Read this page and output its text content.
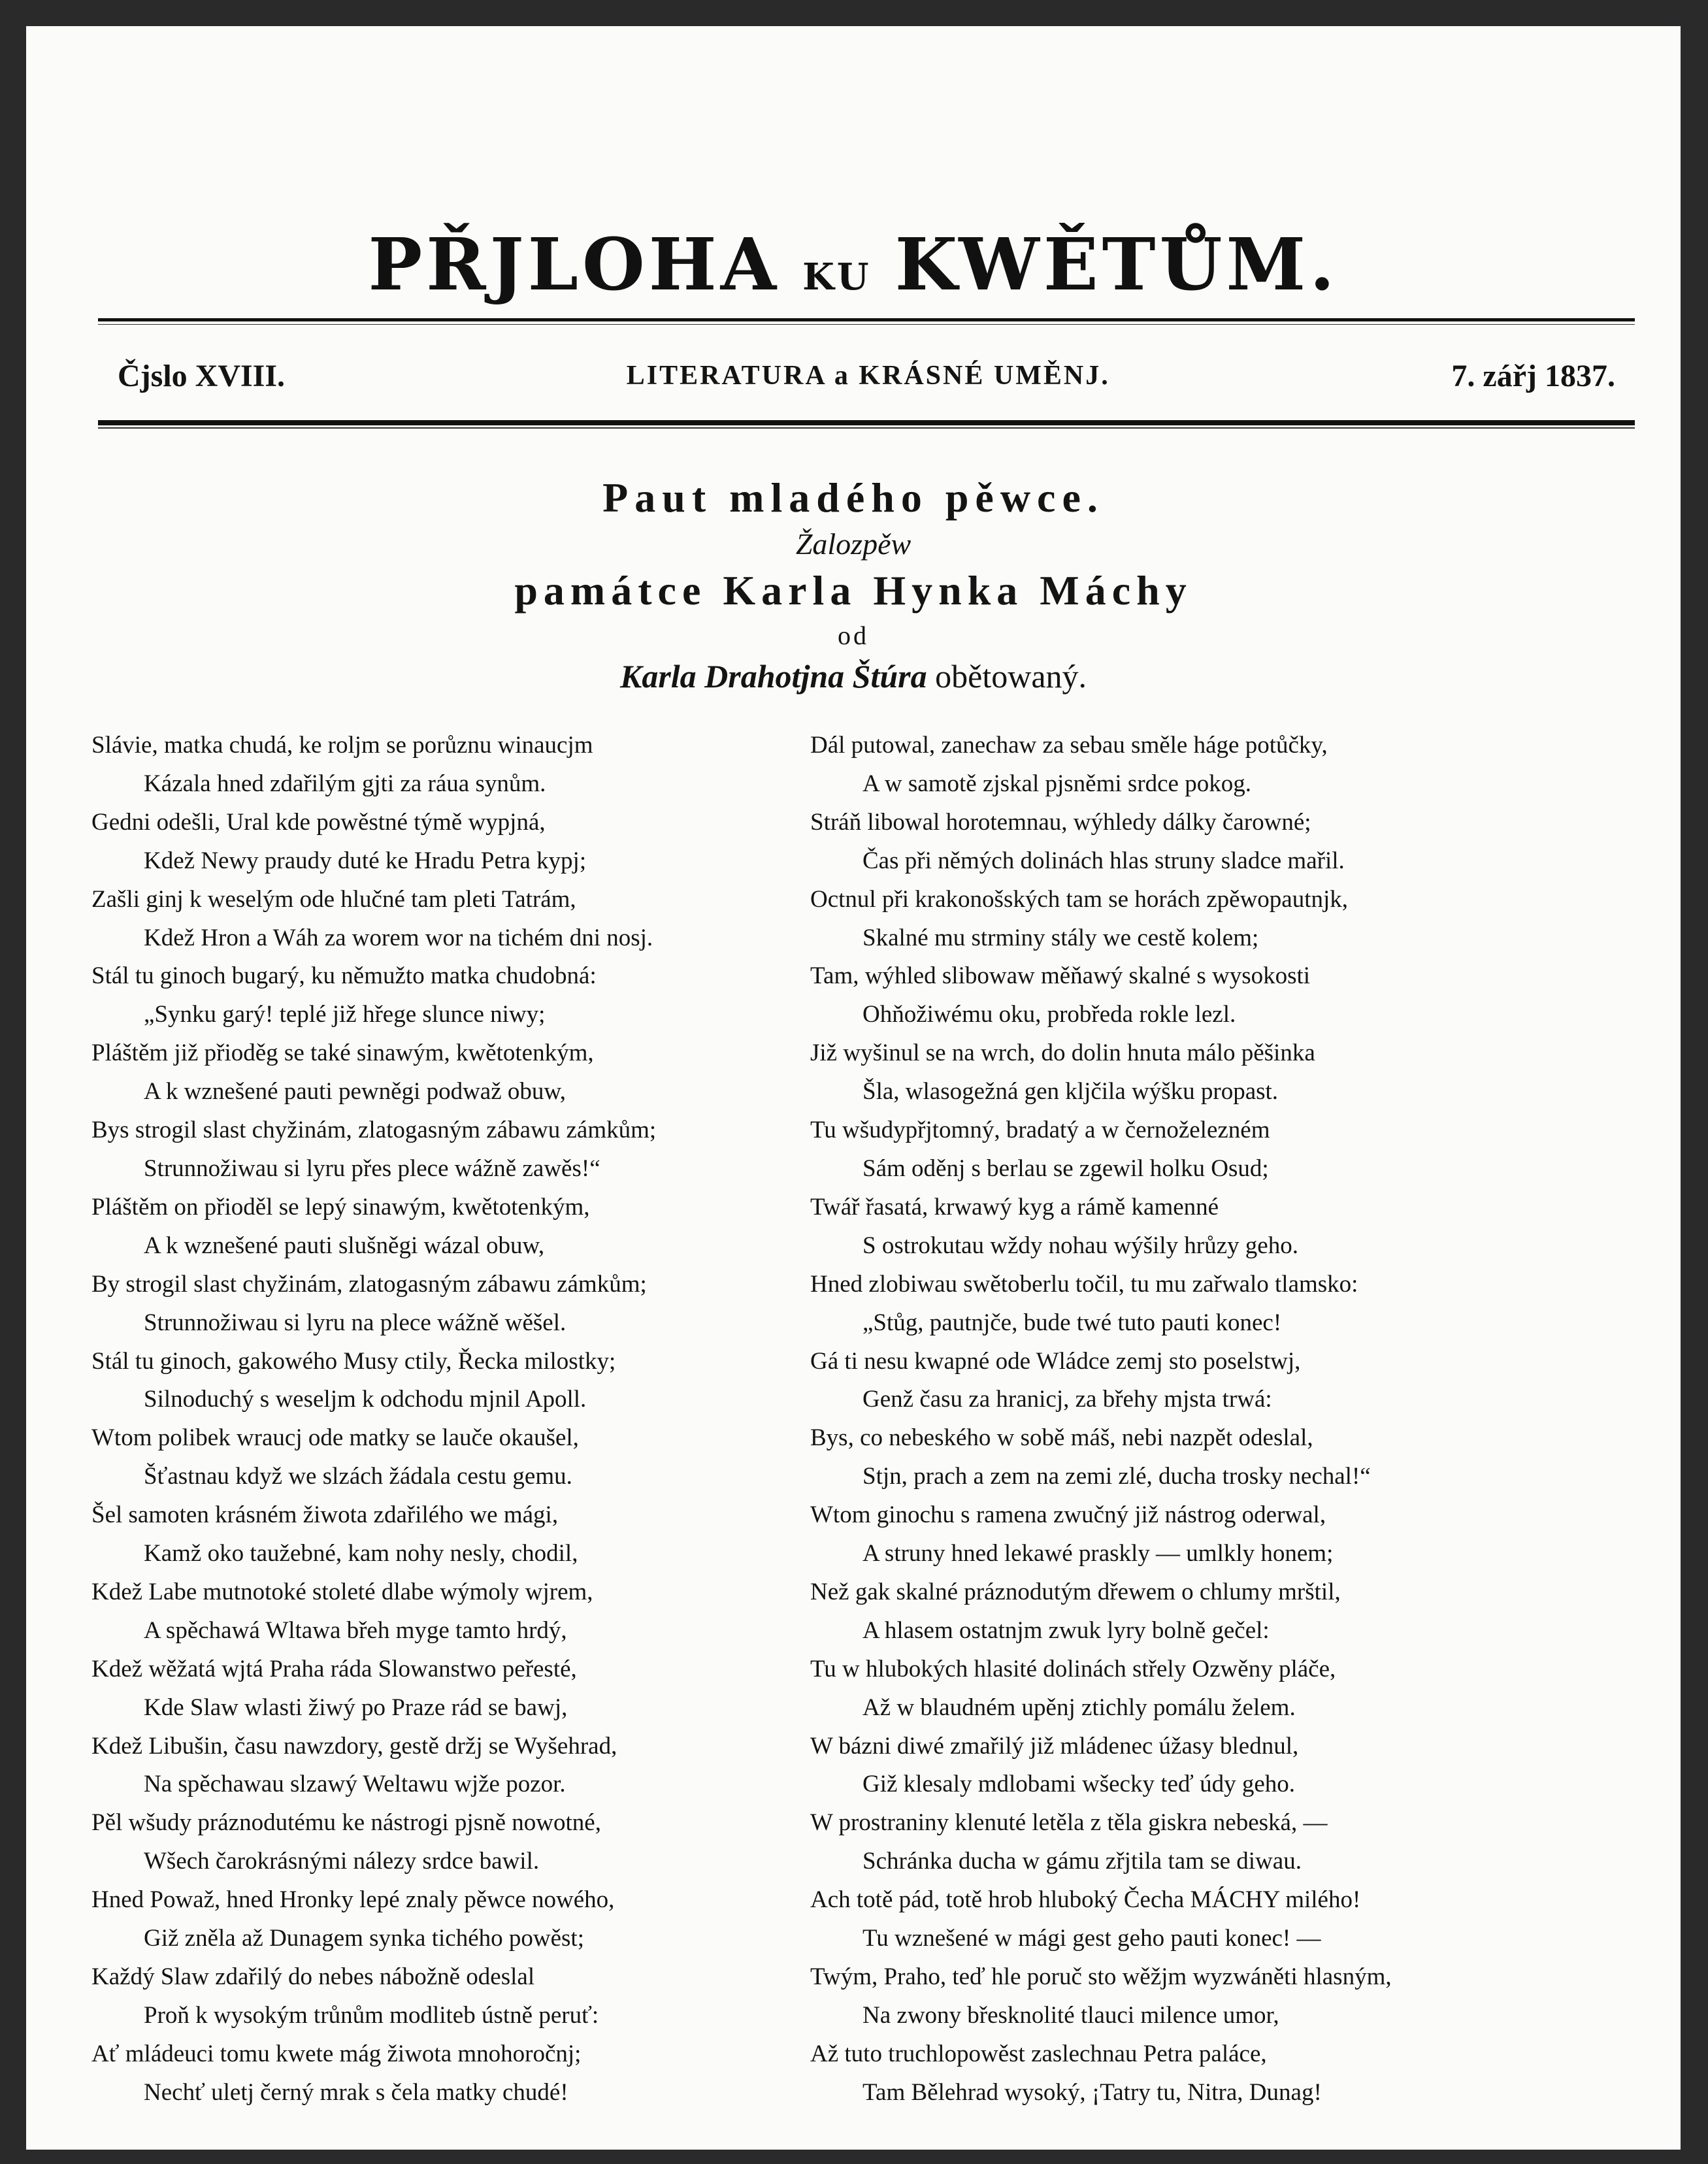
PŘJLOHA KU KWĚTŮM.
Čjslo XVIII.	LITERATURA a KRÁSNÉ UMĚNJ.	7. zářj 1837.
Paut mladého pěwce.
Žalozpěw
památce Karla Hynka Máchy
od
Karla Drahotjna Štúra obětowaný.
Slávie, matka chudá, ke roljm se porůznu winaucjm
Kázala hned zdařilým gjti za ráua synům.
Gedni odešli, Ural kde powěstné týmě wypjná,
Kdež Newy praudy duté ke Hradu Petra kypj;
Zašli ginj k weselým ode hlučné tam pleti Tatrám,
Kdež Hron a Wáh za worem wor na tichém dni nosj.
Stál tu ginoch bugarý, ku němužto matka chudobná:
„Synku garý! teplé již hřege slunce niwy;
Pláštěm již přioděg se také sinawým, kwětotenkým,
A k wznešené pauti pewněgi podwaž obuw,
Bys strogil slast chyžinám, zlatogasným zábawu zámkům;
Strunnožiwau si lyru přes plece wážně zawěs!“
Pláštěm on přioděl se lepý sinawým, kwětotenkým,
A k wznešené pauti slušněgi wázal obuw,
By strogil slast chyžinám, zlatogasným zábawu zámkům;
Strunnožiwau si lyru na plece wážně wěšel.
Stál tu ginoch, gakowého Musy ctily, Řecka milostky;
Silnoduchý s weseljm k odchodu mjnil Apoll.
Wtom polibek wraucj ode matky se lauče okaušel,
Šťastnau když we slzách žádala cestu gemu.
Šel samoten krásném žiwota zdařilého we mági,
Kamž oko taužebné, kam nohy nesly, chodil,
Kdež Labe mutnotoké stoleté dlabe wýmoly wjrem,
A spěchawá Wltawa břeh myge tamto hrdý,
Kdež wěžatá wjtá Praha ráda Slowanstwo peřesté,
Kde Slaw wlasti žiwý po Praze rád se bawj,
Kdež Libušin, času nawzdory, gestě držj se Wyšehrad,
Na spěchawau slzawý Weltawu wjže pozor.
Pěl wšudy práznodutému ke nástrogi pjsně nowotné,
Wšech čarokrásnými nálezy srdce bawil.
Hned Powaž, hned Hronky lepé znaly pěwce nowého,
Giž zněla až Dunagem synka tichého powěst;
Každý Slaw zdařilý do nebes nábožně odeslal
Proň k wysokým trůnům modliteb ústně peruť:
Ať mládeuci tomu kwete mág žiwota mnohoročnj;
Nechť uletj černý mrak s čela matky chudé!
Dál putowal, zanechaw za sebau směle háge potůčky,
A w samotě zjskal pjsněmi srdce pokog.
Stráň libowal horotemnau, wýhledy dálky čarowné;
Čas při němých dolinách hlas struny sladce mařil.
Octnul při krakonošských tam se horách zpěwopautnjk,
Skalné mu strminy stály we cestě kolem;
Tam, wýhled slibowaw měňawý skalné s wysokosti
Ohňožiwému oku, probředa rokle lezl.
Již wyšinul se na wrch, do dolin hnuta málo pěšinka
Šla, wlasogežná gen kljčila wýšku propast.
Tu wšudypřjtomný, bradatý a w černoželezném
Sám oděnj s berlau se zgewil holku Osud;
Twář řasatá, krwawý kyg a rámě kamenné
S ostrokutau wždy nohau wýšily hrůzy geho.
Hned zlobiwau swětoberlu točil, tu mu zařwalo tlamsko:
„Stůg, pautnjče, bude twé tuto pauti konec!
Gá ti nesu kwapné ode Wládce zemj sto poselstwj,
Genž času za hranicj, za břehy mjsta trwá:
Bys, co nebeského w sobě máš, nebi nazpět odeslal,
Stjn, prach a zem na zemi zlé, ducha trosky nechal!“
Wtom ginochu s ramena zwučný již nástrog oderwal,
A struny hned lekawé praskly — umlkly honem;
Než gak skalné práznodutým dřewem o chlumy mrštil,
A hlasem ostatnjm zwuk lyry bolně gečel:
Tu w hlubokých hlasité dolinách střely Ozwěny pláče,
Až w blaudném upěnj ztichly pomálu želem.
W bázni diwé zmařilý již mládenec úžasy blednul,
Giž klesaly mdlobami wšecky teď údy geho.
W prostraniny klenuté letěla z těla giskra nebeská, —
Schránka ducha w gámu zřjtila tam se diwau.
Ach totě pád, totě hrob hluboký Čecha MÁCHY milého!
Tu wznešené w mági gest geho pauti konec! —
Twým, Praho, teď hle poruč sto wěžjm wyzwáněti hlasným,
Na zwony břesknolité tlauci milence umor,
Až tuto truchlopowěst zaslechnau Petra paláce,
Tam Bělehrad wysoký, ¡Tatry tu, Nitra, Dunag!
